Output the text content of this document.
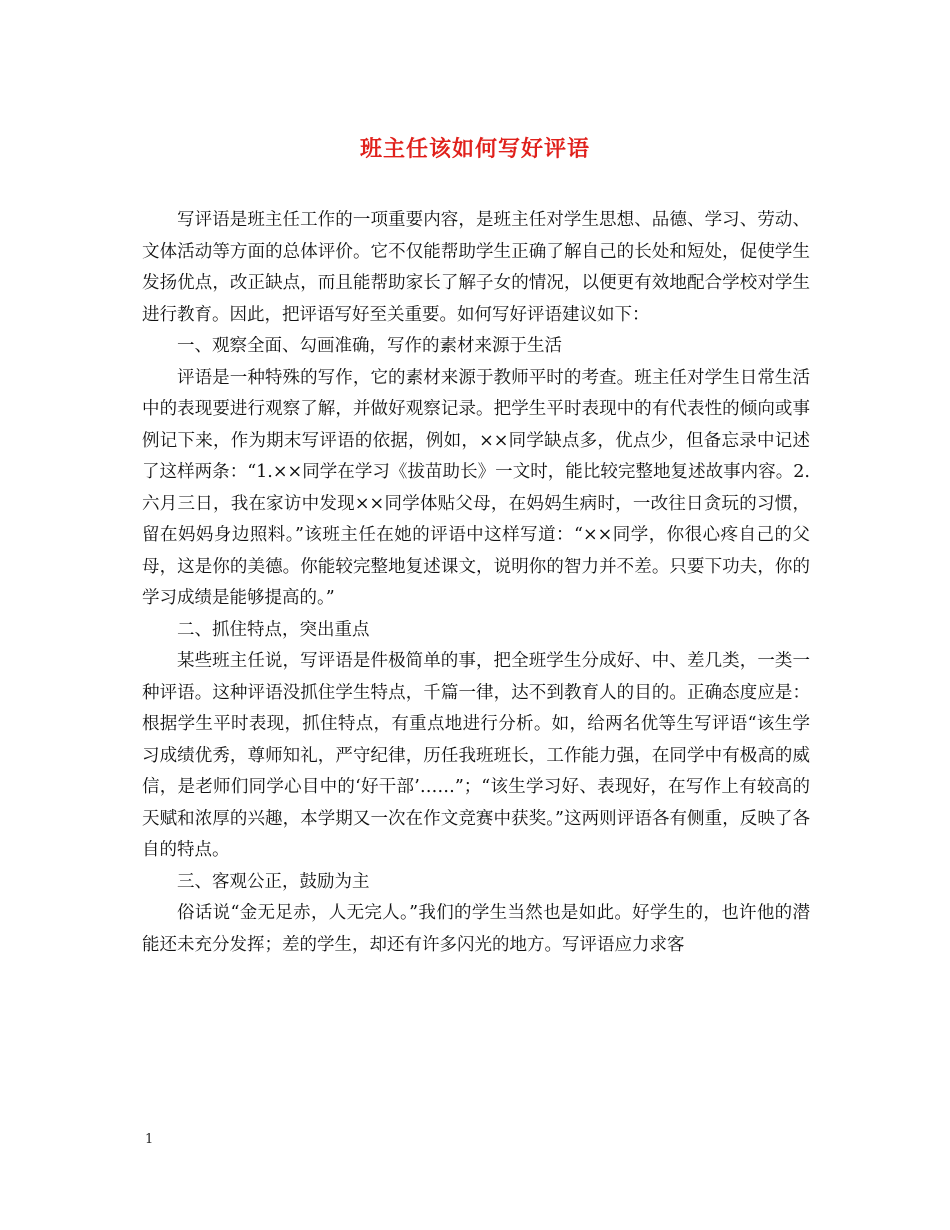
班主任该如何写好评语

写评语是班主任工作的一项重要内容，是班主任对学生思想、品德、学习、劳动、文体活动等方面的总体评价。它不仅能帮助学生正确了解自己的长处和短处，促使学生发扬优点，改正缺点，而且能帮助家长了解子女的情况，以便更有效地配合学校对学生进行教育。因此，把评语写好至关重要。如何写好评语建议如下：

一、观察全面、勾画准确，写作的素材来源于生活

评语是一种特殊的写作，它的素材来源于教师平时的考查。班主任对学生日常生活中的表现要进行观察了解，并做好观察记录。把学生平时表现中的有代表性的倾向或事例记下来，作为期末写评语的依据，例如，××同学缺点多，优点少，但备忘录中记述了这样两条：“1.××同学在学习《拔苗助长》一文时，能比较完整地复述故事内容。2.六月三日，我在家访中发现××同学体贴父母，在妈妈生病时，一改往日贪玩的习惯，留在妈妈身边照料。”该班主任在她的评语中这样写道：“××同学，你很心疼自己的父母，这是你的美德。你能较完整地复述课文，说明你的智力并不差。只要下功夫，你的学习成绩是能够提高的。”

二、抓住特点，突出重点

某些班主任说，写评语是件极简单的事，把全班学生分成好、中、差几类，一类一种评语。这种评语没抓住学生特点，千篇一律，达不到教育人的目的。正确态度应是：根据学生平时表现，抓住特点，有重点地进行分析。如，给两名优等生写评语“该生学习成绩优秀，尊师知礼，严守纪律，历任我班班长，工作能力强，在同学中有极高的威信，是老师们同学心目中的‘好干部’……”；“该生学习好、表现好，在写作上有较高的天赋和浓厚的兴趣，本学期又一次在作文竞赛中获奖。”这两则评语各有侧重，反映了各自的特点。

三、客观公正，鼓励为主

俗话说“金无足赤，人无完人。”我们的学生当然也是如此。好学生的，也许他的潜能还未充分发挥；差的学生，却还有许多闪光的地方。写评语应力求客

1
